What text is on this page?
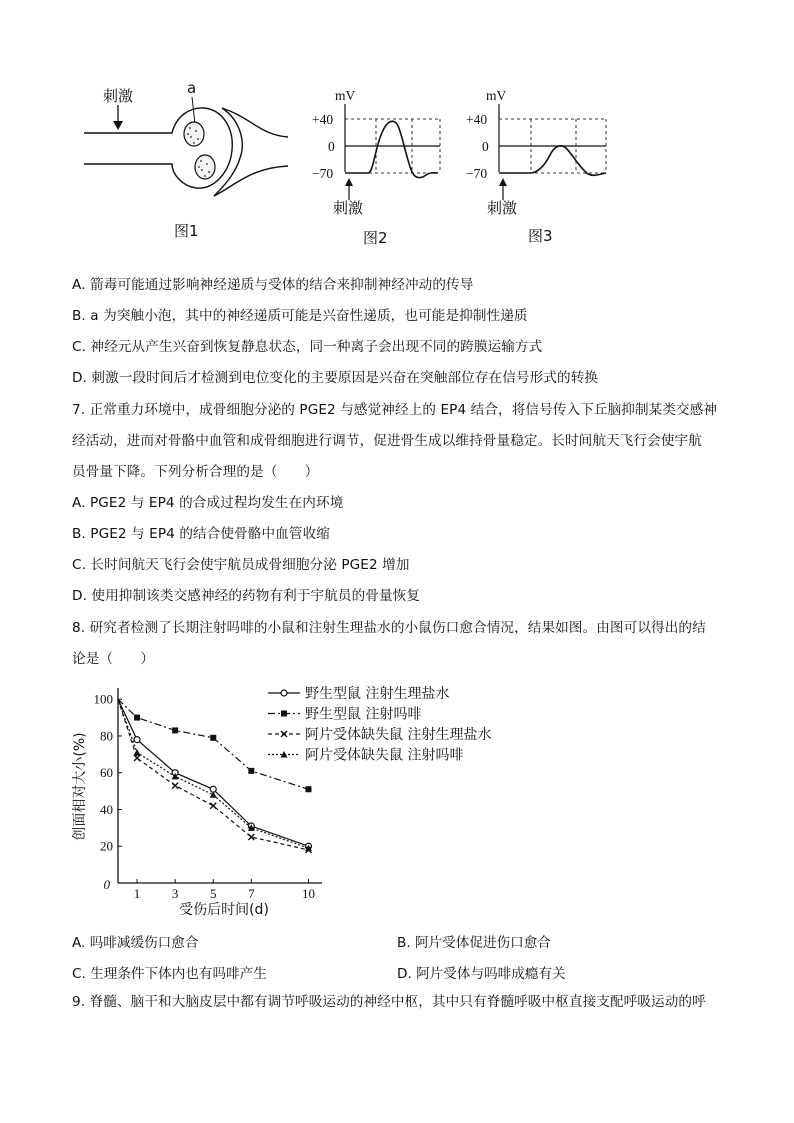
刺激	a
图1
mV
+40
0
−70
刺激
图2
mV
+40
0
−70
刺激
图3
A. 箭毒可能通过影响神经递质与受体的结合来抑制神经冲动的传导
B. a 为突触小泡，其中的神经递质可能是兴奋性递质，也可能是抑制性递质
C. 神经元从产生兴奋到恢复静息状态，同一种离子会出现不同的跨膜运输方式
D. 刺激一段时间后才检测到电位变化的主要原因是兴奋在突触部位存在信号形式的转换
7. 正常重力环境中，成骨细胞分泌的 PGE2 与感觉神经上的 EP4 结合，将信号传入下丘脑抑制某类交感神
经活动，进而对骨骼中血管和成骨细胞进行调节，促进骨生成以维持骨量稳定。长时间航天飞行会使宇航
员骨量下降。下列分析合理的是（　　）
A. PGE2 与 EP4 的合成过程均发生在内环境
B. PGE2 与 EP4 的结合使骨骼中血管收缩
C. 长时间航天飞行会使宇航员成骨细胞分泌 PGE2 增加
D. 使用抑制该类交感神经的药物有利于宇航员的骨量恢复
8. 研究者检测了长期注射吗啡的小鼠和注射生理盐水的小鼠伤口愈合情况，结果如图。由图可以得出的结
论是（　　）
20
40
60
80
100
1 3 5 7	10
野生型鼠 注射生理盐水
野生型鼠 注射吗啡
阿片受体缺失鼠 注射生理盐水
阿片受体缺失鼠 注射吗啡
创面相对大小(%)
受伤后时间(d)
0
A. 吗啡减缓伤口愈合	B. 阿片受体促进伤口愈合
C. 生理条件下体内也有吗啡产生	D. 阿片受体与吗啡成瘾有关
9. 脊髓、脑干和大脑皮层中都有调节呼吸运动的神经中枢，其中只有脊髓呼吸中枢直接支配呼吸运动的呼
